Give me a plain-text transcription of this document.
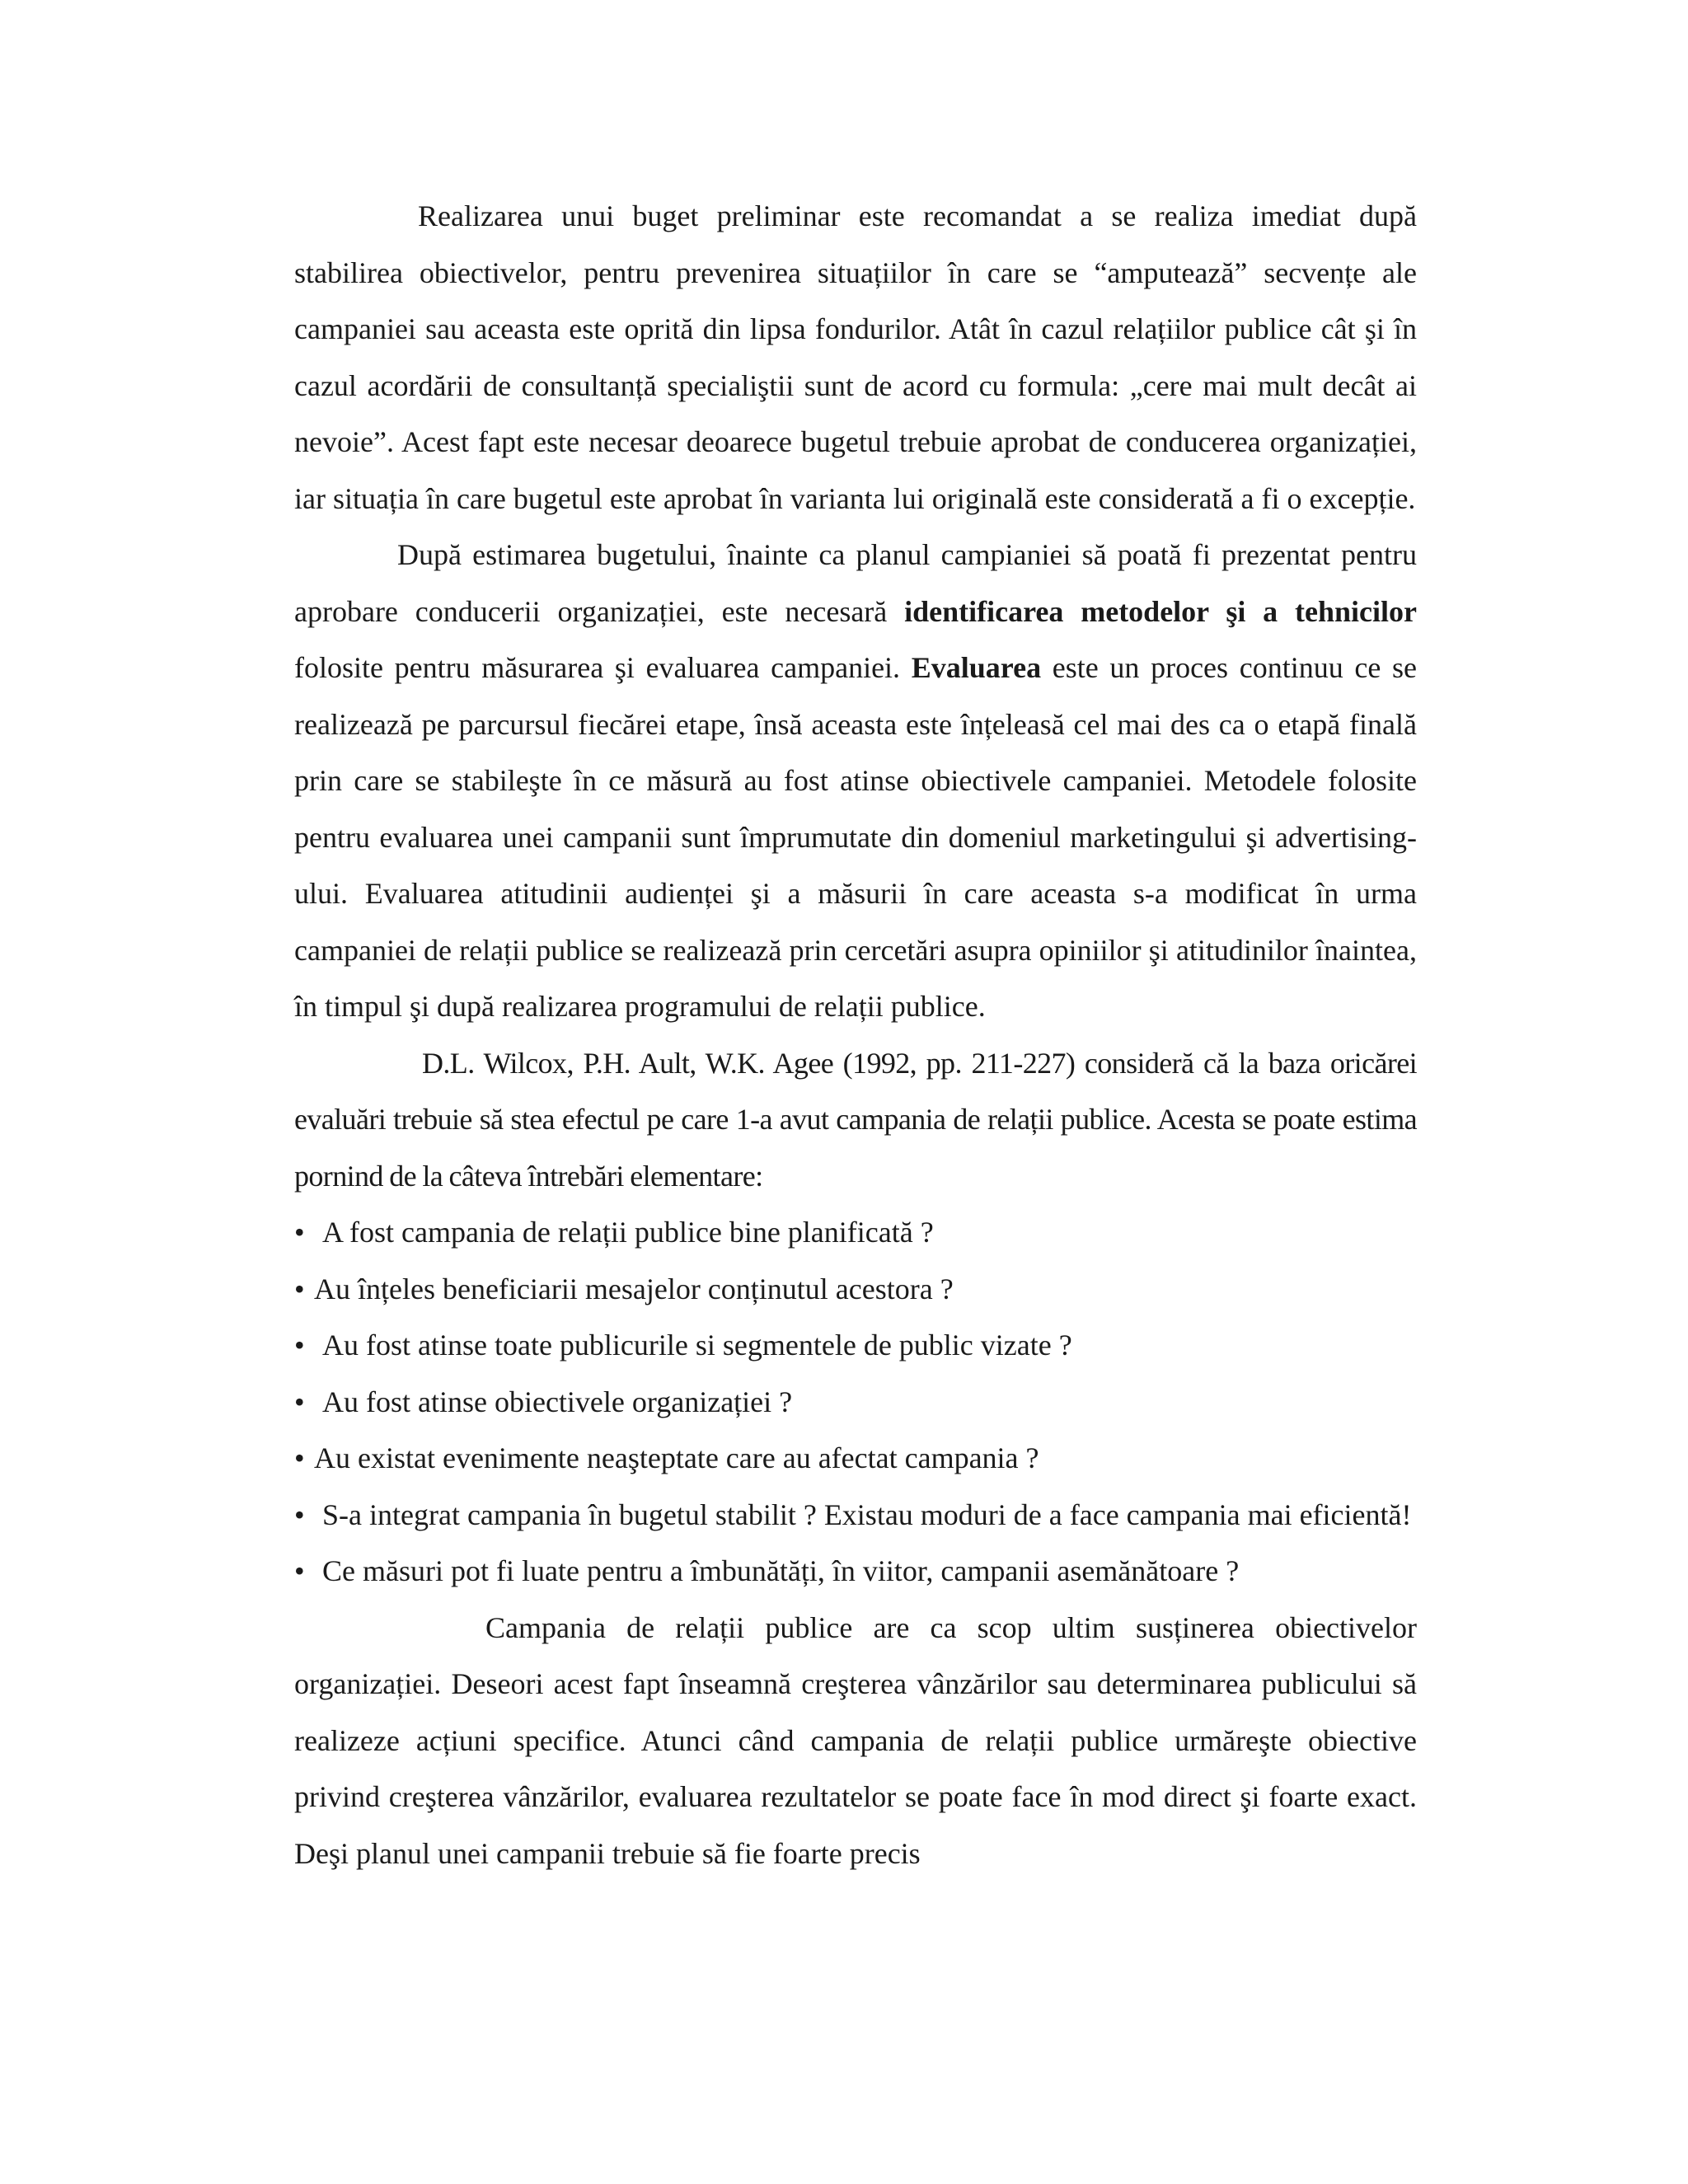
Realizarea unui buget preliminar este recomandat a se realiza imediat după stabilirea obiectivelor, pentru prevenirea situațiilor în care se “amputează” secvențe ale campaniei sau aceasta este oprită din lipsa fondurilor. Atât în cazul relațiilor publice cât şi în cazul acordării de consultanță specialiştii sunt de acord cu formula: „cere mai mult decât ai nevoie”. Acest fapt este necesar deoarece bugetul trebuie aprobat de conducerea organizației, iar situația în care bugetul este aprobat în varianta lui originală este considerată a fi o excepție.

După estimarea bugetului, înainte ca planul campianiei să poată fi prezentat pentru aprobare conducerii organizației, este necesară identificarea metodelor şi a tehnicilor folosite pentru măsurarea şi evaluarea campaniei. Evaluarea este un proces continuu ce se realizează pe parcursul fiecărei etape, însă aceasta este înțeleasă cel mai des ca o etapă finală prin care se stabileşte în ce măsură au fost atinse obiectivele campaniei. Metodele folosite pentru evaluarea unei campanii sunt împrumutate din domeniul marketingului şi advertising-ului. Evaluarea atitudinii audienței şi a măsurii în care aceasta s-a modificat în urma campaniei de relații publice se realizează prin cercetări asupra opiniilor şi atitudinilor înaintea, în timpul şi după realizarea programului de relații publice.

D.L. Wilcox, P.H. Ault, W.K. Agee (1992, pp. 211-227) consideră că la baza oricărei evaluări trebuie să stea efectul pe care 1-a avut campania de relații publice. Acesta se poate estima pornind de la câteva întrebări elementare:

• A fost campania de relații publice bine planificată ?

• Au înțeles beneficiarii mesajelor conținutul acestora ?

• Au fost atinse toate publicurile si segmentele de public vizate ?

• Au fost atinse obiectivele organizației ?

• Au existat evenimente neaşteptate care au afectat campania ?

• S-a integrat campania în bugetul stabilit ? Existau moduri de a face campania mai eficientă!

• Ce măsuri pot fi luate pentru a îmbunătăți, în viitor, campanii asemănătoare ?

Campania de relații publice are ca scop ultim susținerea obiectivelor organizației. Deseori acest fapt înseamnă creşterea vânzărilor sau determinarea publicului să realizeze acțiuni specifice. Atunci când campania de relații publice urmăreşte obiective privind creşterea vânzărilor, evaluarea rezultatelor se poate face în mod direct şi foarte exact. Deşi planul unei campanii trebuie să fie foarte precis
